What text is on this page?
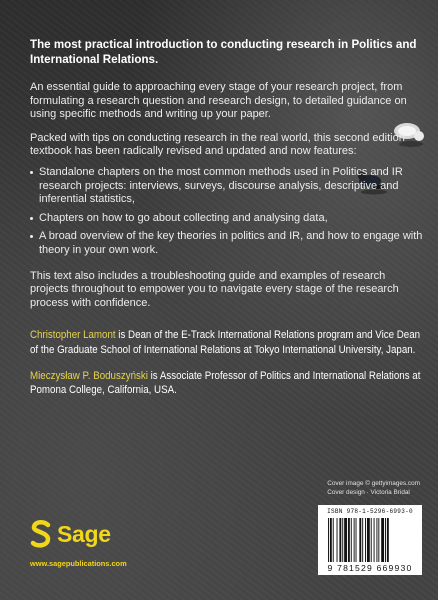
The most practical introduction to conducting research in Politics and International Relations.

An essential guide to approaching every stage of your research project, from formulating a research question and research design, to detailed guidance on using specific methods and writing up your paper.

Packed with tips on conducting research in the real world, this second edition textbook has been radically revised and updated and now features:

Standalone chapters on the most common methods used in Politics and IR research projects: interviews, surveys, discourse analysis, descriptive and inferential statistics,
Chapters on how to go about collecting and analysing data,
A broad overview of the key theories in politics and IR, and how to engage with theory in your own work.

This text also includes a troubleshooting guide and examples of research projects throughout to empower you to navigate every stage of the research process with confidence.

Christopher Lamont is Dean of the E-Track International Relations program and Vice Dean of the Graduate School of International Relations at Tokyo International University, Japan.

Mieczysław P. Boduszyński is Associate Professor of Politics and International Relations at Pomona College, California, USA.

Cover image © gettyimages.com
Cover design · Victoria Bridal
ISBN 978-1-5296-6993-0
9 781529 669930
Sage
www.sagepublications.com
